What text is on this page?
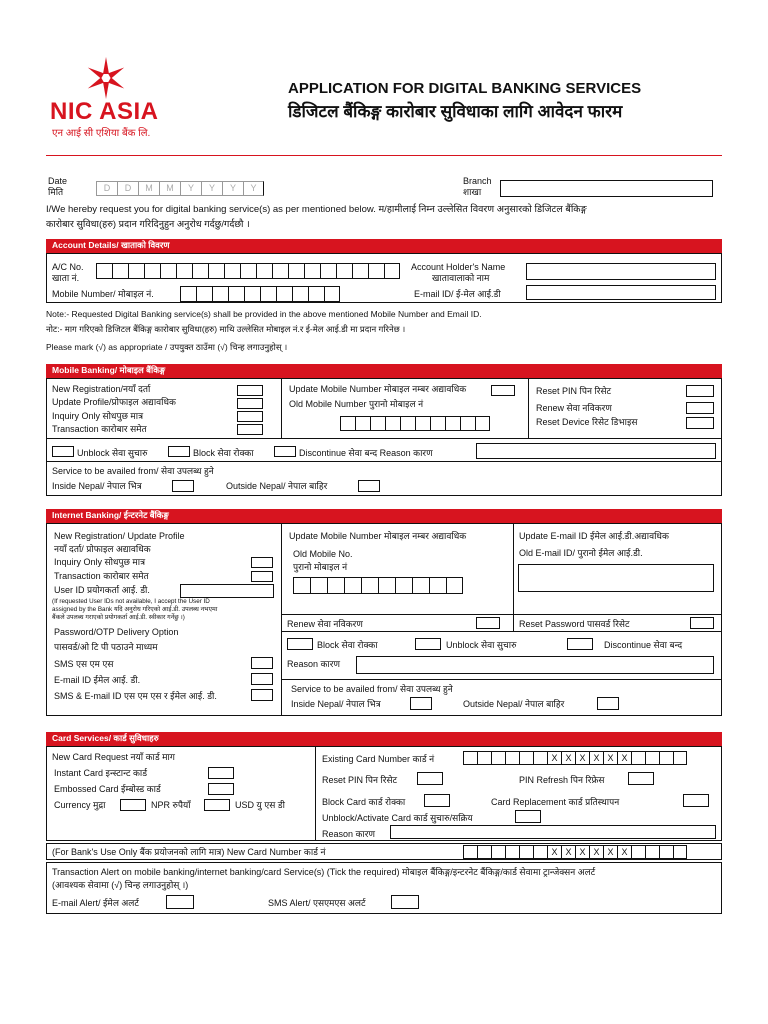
NIC ASIA
एन आई सी एशिया बैंक लि.
APPLICATION FOR DIGITAL BANKING SERVICES
डिजिटल बैंकिङ्ग कारोबार सुविधाका लागि आवेदन फारम
Date
मिति	D	D	M	M	Y	Y	Y	Y
Branch
शाखा
I/We hereby request you for digital banking service(s) as per mentioned below. म/हामीलाई निम्न उल्लेसित विवरण अनुसारको डिजिटल बैंकिङ्ग
कारोबार सुविधा(हरु) प्रदान गरिदिनुहुन अनुरोध गर्दछु/गर्दछौ ।
Account Details/ खाताको विवरण
A/C No.
खाता नं.
Mobile Number/ मोबाइल नं.
Account Holder's Name
खातावालाको नाम
E-mail ID/ ई-मेल आई.डी
Note:- Requested Digital Banking service(s) shall be provided in the above mentioned Mobile Number and Email ID.
नोट:- माग गरिएको डिजिटल बैंकिङ्ग कारोबार सुविधा(हरु) माथि उल्लेसित मोबाइल नं.र ई-मेल आई.डी मा प्रदान गरिनेछ ।
Please mark (√) as appropriate / उपयुक्त ठाउँमा (√) चिन्ह लगाउनुहोस् ।
Mobile Banking/ मोबाइल बैंकिङ्ग
New Registration/नयाँ दर्ता
Update Profile/प्रोफाइल अद्यावधिक
Inquiry Only सोधपुछ मात्र
Transaction कारोबार समेत
Update Mobile Number मोबाइल नम्बर अद्यावधिक
Old Mobile Number पुरानो मोबाइल नं
Reset PIN पिन रिसेट
Renew सेवा नविकरण
Reset Device रिसेट डिभाइस
Unblock सेवा सुचारु	Block सेवा रोक्का	Discontinue सेवा बन्द Reason कारण
Service to be availed from/ सेवा उपलब्ध हुने
Inside Nepal/ नेपाल भित्र	Outside Nepal/ नेपाल बाहिर
Internet Banking/ ईन्टरनेट बैंकिङ्ग
New Registration/ Update Profile
नयाँ दर्ता/ प्रोफाइल अद्यावधिक
Inquiry Only सोधपुछ मात्र
Transaction कारोबार समेत
User ID प्रयोगकर्ता आई. डी.
(If requested User IDs not available, I accept the User ID
assigned by the Bank यदि अनुरोध गरिएको आई.डी. उपलब्ध नभएमा
बैंकले उपलब्ध गराएको प्रयोगकर्ता आई.डी. स्वीकार गर्नेछु ।)
Password/OTP Delivery Option
पासवर्ड/ओ टि पी पठाउने माध्यम
SMS एस एम एस
E-mail ID ईमेल आई. डी.
SMS & E-mail ID एस एम एस र ईमेल आई. डी.
Update Mobile Number मोबाइल नम्बर अद्यावधिक
Old Mobile No.
पुरानो मोबाइल नं
Update E-mail ID ईमेल आई.डी.अद्यावधिक
Old E-mail ID/ पुरानो ईमेल आई.डी.
Renew सेवा नविकरण	Reset Password पासवर्ड रिसेट
Block सेवा रोक्का	Unblock सेवा सुचारु	Discontinue सेवा बन्द
Reason कारण
Service to be availed from/ सेवा उपलब्ध हुने
Inside Nepal/ नेपाल भित्र	Outside Nepal/ नेपाल बाहिर
Card Services/ कार्ड सुविधाहरु
New Card Request नयाँ कार्ड माग
Instant Card इन्स्टान्ट कार्ड
Embossed Card ईम्बोस्ड कार्ड
Currency मुद्रा	NPR रुपैयाँ	USD यु एस डी
Existing Card Number कार्ड नं	X X X X X X
Reset PIN पिन रिसेट	PIN Refresh पिन रिफ्रेस
Block Card कार्ड रोक्का	Card Replacement कार्ड प्रतिस्थापन
Unblock/Activate Card कार्ड सुचारु/सक्रिय
Reason कारण
(For Bank's Use Only बैंक प्रयोजनको लागि मात्र) New Card Number कार्ड नं	X X X X X X
Transaction Alert on mobile banking/internet banking/card Service(s) (Tick the required) मोबाइल बैंकिङ्ग/इन्टरनेट बैंकिङ्ग/कार्ड सेवामा ट्रान्जेक्सन अलर्ट
(आवश्यक सेवामा (√) चिन्ह लगाउनुहोस् ।)
E-mail Alert/ ईमेल अलर्ट	SMS Alert/ एसएमएस अलर्ट
